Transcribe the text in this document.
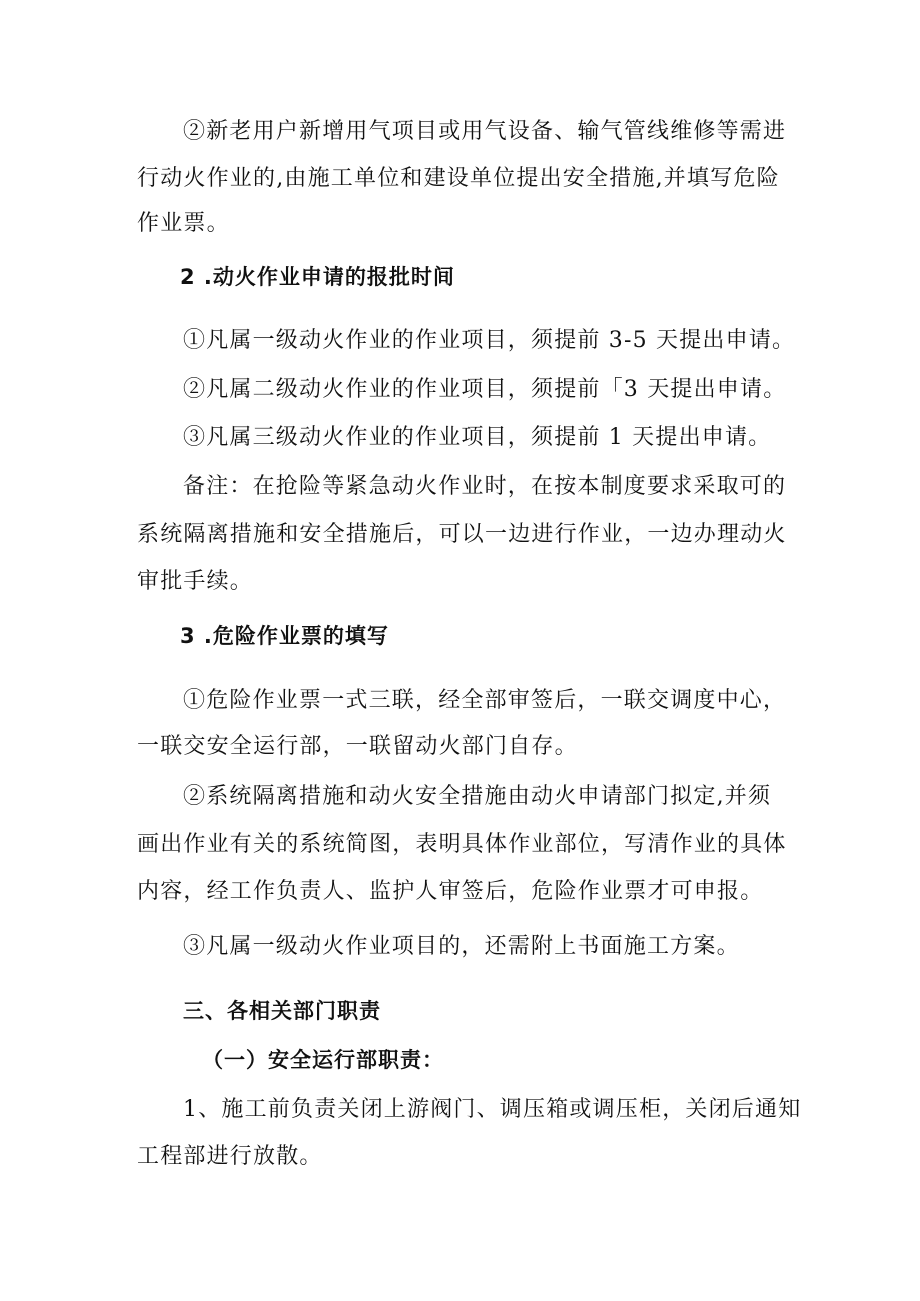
②新老用户新增用气项目或用气设备、输气管线维修等需进
行动火作业的,由施工单位和建设单位提出安全措施,并填写危险
作业票。
2 .动火作业申请的报批时间
①凡属一级动火作业的作业项目，须提前 3-5 天提出申请。
②凡属二级动火作业的作业项目，须提前「3 天提出申请。
③凡属三级动火作业的作业项目，须提前 1 天提出申请。
备注：在抢险等紧急动火作业时，在按本制度要求采取可的
系统隔离措施和安全措施后，可以一边进行作业，一边办理动火
审批手续。
3 .危险作业票的填写
①危险作业票一式三联，经全部审签后，一联交调度中心，
一联交安全运行部，一联留动火部门自存。
②系统隔离措施和动火安全措施由动火申请部门拟定,并须
画出作业有关的系统简图，表明具体作业部位，写清作业的具体
内容，经工作负责人、监护人审签后，危险作业票才可申报。
③凡属一级动火作业项目的，还需附上书面施工方案。
三、各相关部门职责
（一）安全运行部职责：
1、施工前负责关闭上游阀门、调压箱或调压柜，关闭后通知
工程部进行放散。
